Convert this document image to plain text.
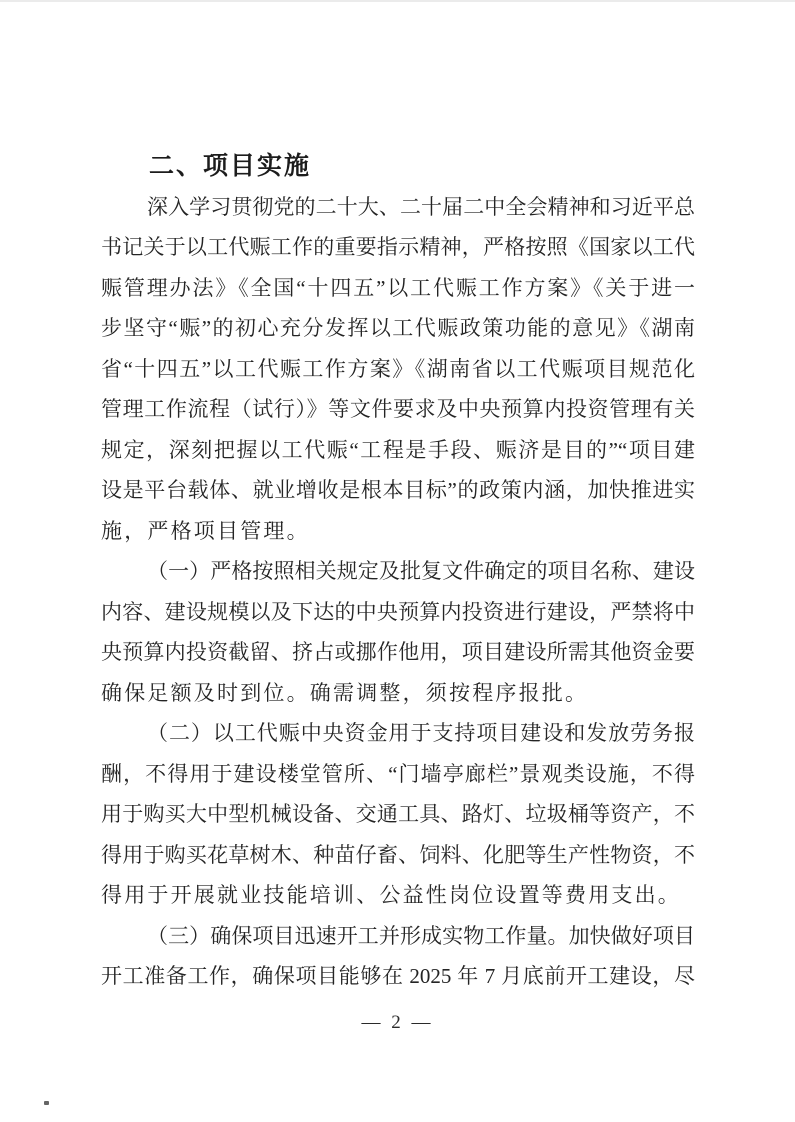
二、项目实施
深入学习贯彻党的二十大、二十届二中全会精神和习近平总
书记关于以工代赈工作的重要指示精神，严格按照《国家以工代
赈管理办法》《全国“十四五”以工代赈工作方案》《关于进一
步坚守“赈”的初心充分发挥以工代赈政策功能的意见》《湖南
省“十四五”以工代赈工作方案》《湖南省以工代赈项目规范化
管理工作流程（试行）》等文件要求及中央预算内投资管理有关
规定，深刻把握以工代赈“工程是手段、赈济是目的”“项目建
设是平台载体、就业增收是根本目标”的政策内涵，加快推进实
施，严格项目管理。
（一）严格按照相关规定及批复文件确定的项目名称、建设
内容、建设规模以及下达的中央预算内投资进行建设，严禁将中
央预算内投资截留、挤占或挪作他用，项目建设所需其他资金要
确保足额及时到位。确需调整，须按程序报批。
（二）以工代赈中央资金用于支持项目建设和发放劳务报
酬，不得用于建设楼堂管所、“门墙亭廊栏”景观类设施，不得
用于购买大中型机械设备、交通工具、路灯、垃圾桶等资产，不
得用于购买花草树木、种苗仔畜、饲料、化肥等生产性物资，不
得用于开展就业技能培训、公益性岗位设置等费用支出。
（三）确保项目迅速开工并形成实物工作量。加快做好项目
开工准备工作，确保项目能够在 2025 年 7 月底前开工建设，尽
— 2 —
